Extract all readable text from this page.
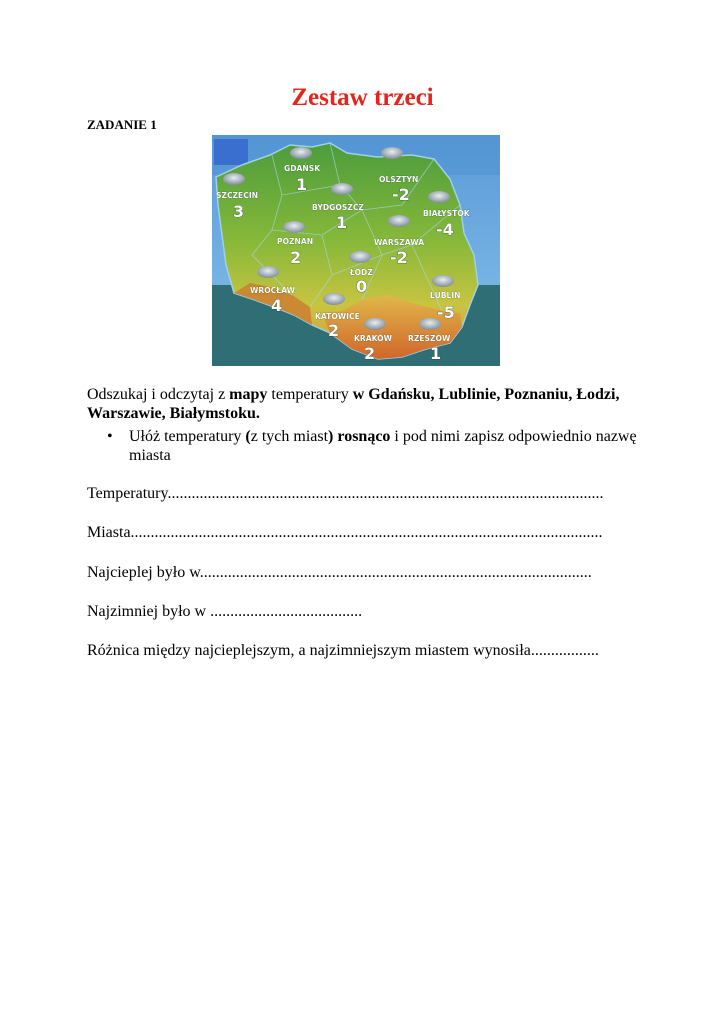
Zestaw trzeci
ZADANIE 1
GDAŃSK
1	OLSZTYN
-2
SZCZECIN
3	BYDGOSZCZ
1	BIAŁYSTOK
-4
POZNAŃ
2
WARSZAWA
-2
ŁÓDŹ
0
WROCŁAW
4
LUBLIN
-5
KATOWICE
2 KRAKÓW
2
RZESZÓW
1
Odszukaj i odczytaj z mapy temperatury w Gdańsku, Lublinie, Poznaniu, Łodzi, Warszawie, Białymstoku.
• Ułóż temperatury (z tych miast) rosnąco i pod nimi zapisz odpowiednio nazwę miasta
Temperatury.............................................................................................................
Miasta......................................................................................................................
Najcieplej było w..................................................................................................
Najzimniej było w ......................................
Różnica między najcieplejszym, a najzimniejszym miastem wynosiła.................
